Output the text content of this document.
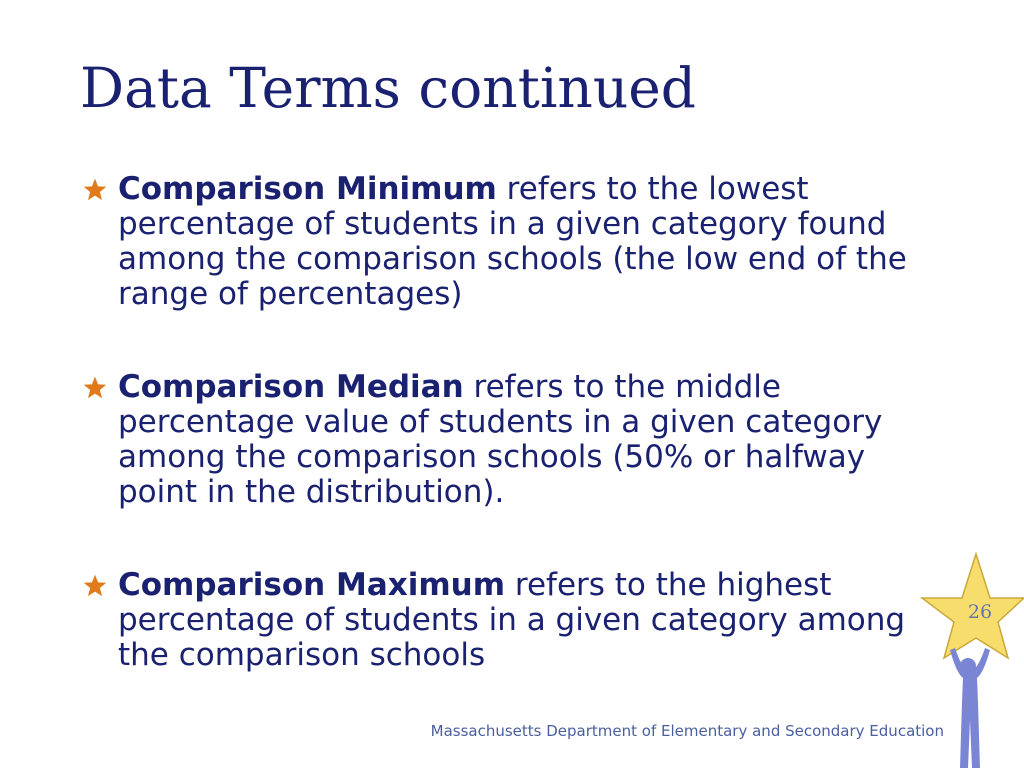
Data Terms continued
Comparison Minimum refers to the lowest percentage of students in a given category found among the comparison schools (the low end of the range of percentages)
Comparison Median refers to the middle percentage value of students in a given category among the comparison schools (50% or halfway point in the distribution).
Comparison Maximum refers to the highest percentage of students in a given category among the comparison schools
26
Massachusetts Department of Elementary and Secondary Education
